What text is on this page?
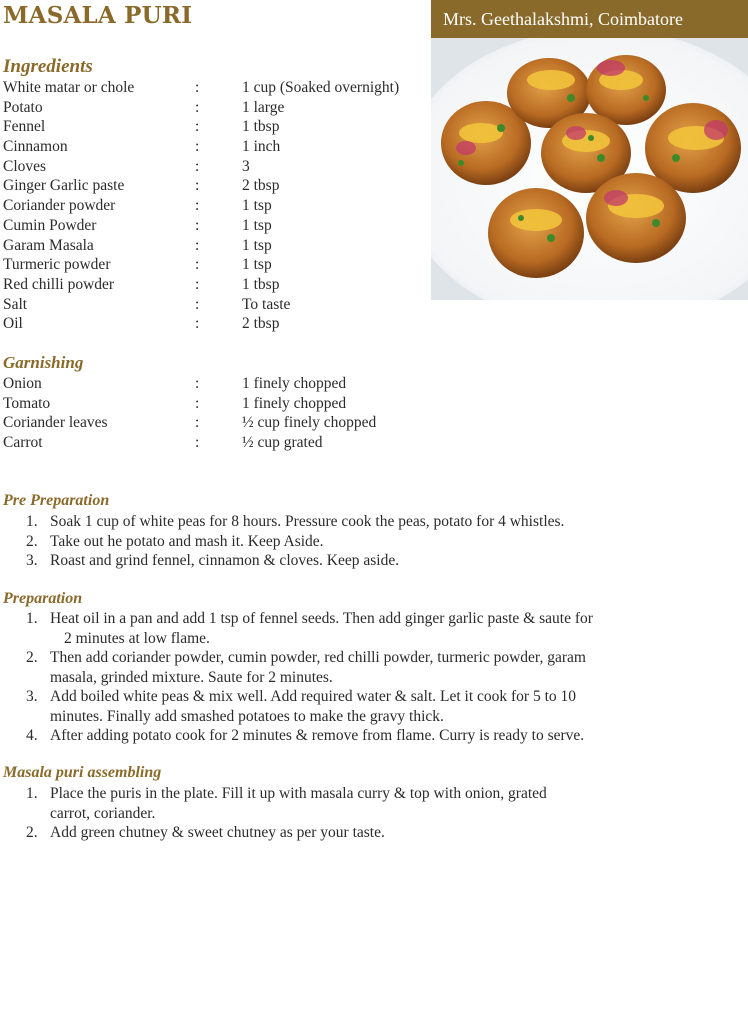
MASALA PURI	Mrs. Geethalakshmi, Coimbatore
Ingredients
White matar or chole	:	1 cup (Soaked overnight)
Potato	:	1 large
Fennel	:	1 tbsp
Cinnamon	:	1 inch
Cloves	:	3
Ginger Garlic paste	:	2 tbsp
Coriander powder	:	1 tsp
Cumin Powder	:	1 tsp
Garam Masala	:	1 tsp
Turmeric powder	:	1 tsp
Red chilli powder	:	1 tbsp
Salt	:	To taste
Oil	:	2 tbsp
Garnishing
Onion	:	1 finely chopped
Tomato	:	1 finely chopped
Coriander leaves	:	½ cup finely chopped
Carrot	:	½ cup grated
Pre Preparation
1. Soak 1 cup of white peas for 8 hours. Pressure cook the peas, potato for 4 whistles.
2. Take out he potato and mash it. Keep Aside.
3. Roast and grind fennel, cinnamon & cloves. Keep aside.
Preparation
1. Heat oil in a pan and add 1 tsp of fennel seeds. Then add ginger garlic paste & saute for
2 minutes at low flame.
2. Then add coriander powder, cumin powder, red chilli powder, turmeric powder, garam
masala, grinded mixture. Saute for 2 minutes.
3. Add boiled white peas & mix well. Add required water & salt. Let it cook for 5 to 10
minutes. Finally add smashed potatoes to make the gravy thick.
4. After adding potato cook for 2 minutes & remove from flame. Curry is ready to serve.
Masala puri assembling
1. Place the puris in the plate. Fill it up with masala curry & top with onion, grated
carrot, coriander.
2. Add green chutney & sweet chutney as per your taste.
